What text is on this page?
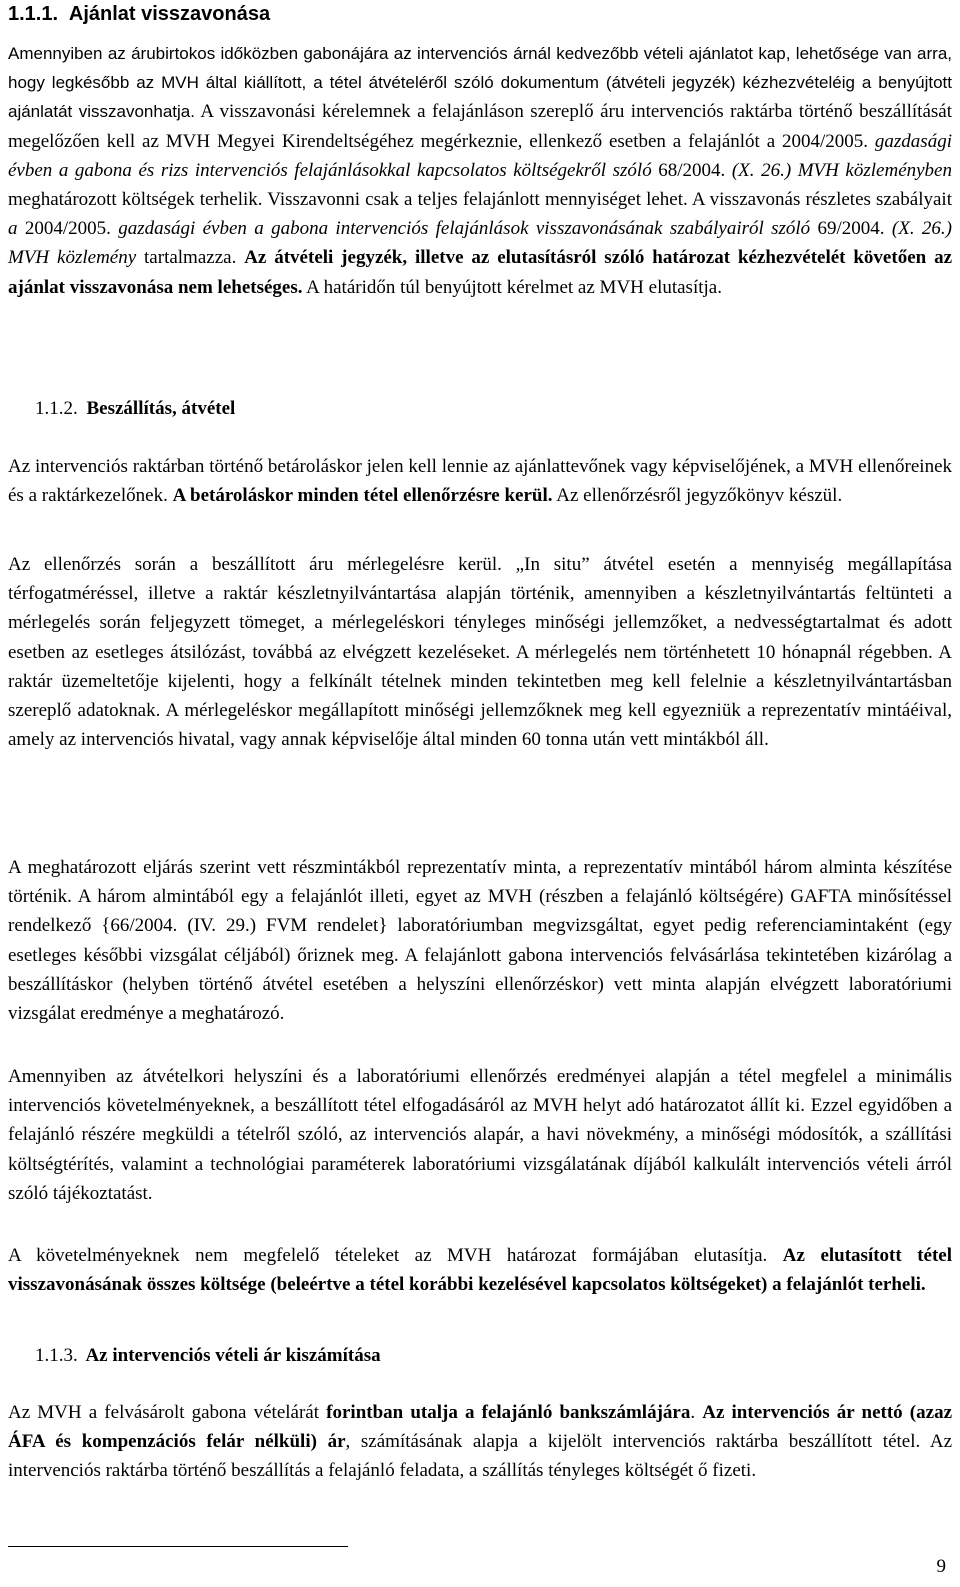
1.1.1. Ajánlat visszavonása

Amennyiben az árubirtokos időközben gabonájára az intervenciós árnál kedvezőbb vételi ajánlatot kap, lehetősége van arra, hogy legkésőbb az MVH által kiállított, a tétel átvételéről szóló dokumentum (átvételi jegyzék) kézhezvételéig a benyújtott ajánlatát visszavonhatja. A visszavonási kérelemnek a felajánláson szereplő áru intervenciós raktárba történő beszállítását megelőzően kell az MVH Megyei Kirendeltségéhez megérkeznie, ellenkező esetben a felajánlót a 2004/2005. gazdasági évben a gabona és rizs intervenciós felajánlásokkal kapcsolatos költségekről szóló 68/2004. (X. 26.) MVH közleményben meghatározott költségek terhelik. Visszavonni csak a teljes felajánlott mennyiséget lehet. A visszavonás részletes szabályait a 2004/2005. gazdasági évben a gabona intervenciós felajánlások visszavonásának szabályairól szóló 69/2004. (X. 26.) MVH közlemény tartalmazza. Az átvételi jegyzék, illetve az elutasításról szóló határozat kézhezvételét követően az ajánlat visszavonása nem lehetséges. A határidőn túl benyújtott kérelmet az MVH elutasítja.

1.1.2. Beszállítás, átvétel

Az intervenciós raktárban történő betároláskor jelen kell lennie az ajánlattevőnek vagy képviselőjének, a MVH ellenőreinek és a raktárkezelőnek. A betároláskor minden tétel ellenőrzésre kerül. Az ellenőrzésről jegyzőkönyv készül.

Az ellenőrzés során a beszállított áru mérlegelésre kerül. „In situ” átvétel esetén a mennyiség megállapítása térfogatméréssel, illetve a raktár készletnyilvántartása alapján történik, amennyiben a készletnyilvántartás feltünteti a mérlegelés során feljegyzett tömeget, a mérlegeléskori tényleges minőségi jellemzőket, a nedvességtartalmat és adott esetben az esetleges átsilózást, továbbá az elvégzett kezeléseket. A mérlegelés nem történhetett 10 hónapnál régebben. A raktár üzemeltetője kijelenti, hogy a felkínált tételnek minden tekintetben meg kell felelnie a készletnyilvántartásban szereplő adatoknak. A mérlegeléskor megállapított minőségi jellemzőknek meg kell egyezniük a reprezentatív mintáéival, amely az intervenciós hivatal, vagy annak képviselője által minden 60 tonna után vett mintákból áll.

A meghatározott eljárás szerint vett részmintákból reprezentatív minta, a reprezentatív mintából három alminta készítése történik. A három almintából egy a felajánlót illeti, egyet az MVH (részben a felajánló költségére) GAFTA minősítéssel rendelkező {66/2004. (IV. 29.) FVM rendelet} laboratóriumban megvizsgáltat, egyet pedig referenciamintaként (egy esetleges későbbi vizsgálat céljából) őriznek meg. A felajánlott gabona intervenciós felvásárlása tekintetében kizárólag a beszállításkor (helyben történő átvétel esetében a helyszíni ellenőrzéskor) vett minta alapján elvégzett laboratóriumi vizsgálat eredménye a meghatározó.

Amennyiben az átvételkori helyszíni és a laboratóriumi ellenőrzés eredményei alapján a tétel megfelel a minimális intervenciós követelményeknek, a beszállított tétel elfogadásáról az MVH helyt adó határozatot állít ki. Ezzel egyidőben a felajánló részére megküldi a tételről szóló, az intervenciós alapár, a havi növekmény, a minőségi módosítók, a szállítási költségtérítés, valamint a technológiai paraméterek laboratóriumi vizsgálatának díjából kalkulált intervenciós vételi árról szóló tájékoztatást.

A követelményeknek nem megfelelő tételeket az MVH határozat formájában elutasítja. Az elutasított tétel visszavonásának összes költsége (beleértve a tétel korábbi kezelésével kapcsolatos költségeket) a felajánlót terheli.

1.1.3. Az intervenciós vételi ár kiszámítása

Az MVH a felvásárolt gabona vételárát forintban utalja a felajánló bankszámlájára. Az intervenciós ár nettó (azaz ÁFA és kompenzációs felár nélküli) ár, számításának alapja a kijelölt intervenciós raktárba beszállított tétel. Az intervenciós raktárba történő beszállítás a felajánló feladata, a szállítás tényleges költségét ő fizeti.

9
